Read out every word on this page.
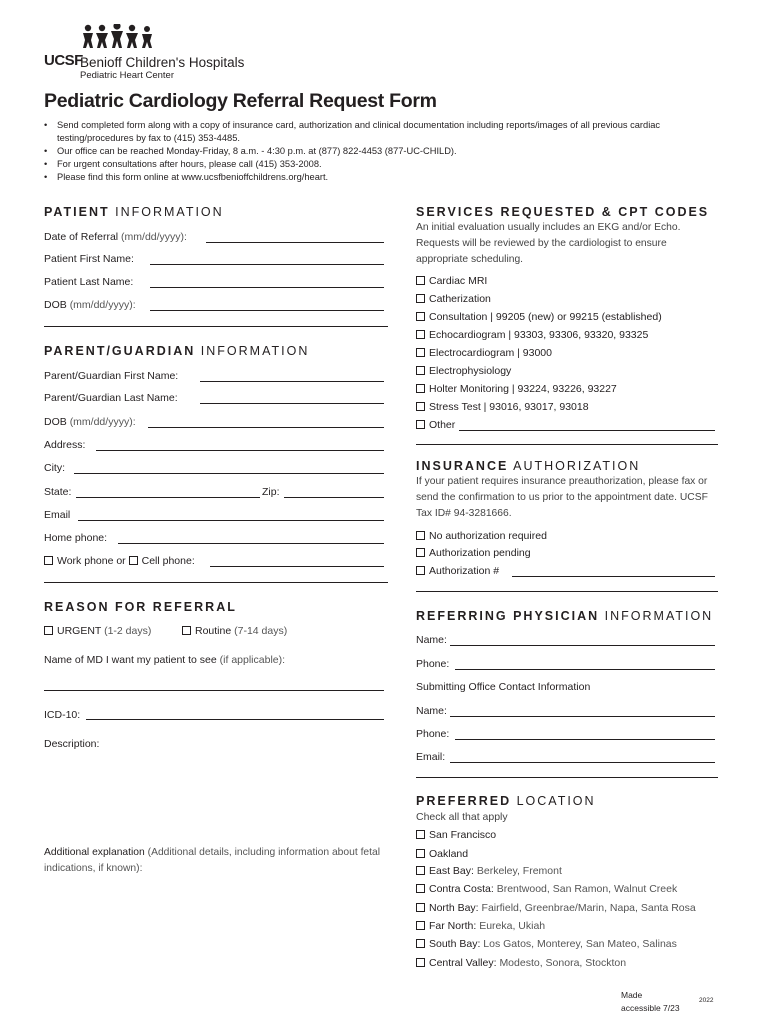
UCSF
Benioff Children's Hospitals
Pediatric Heart Center
Pediatric Cardiology Referral Request Form
• Send completed form along with a copy of insurance card, authorization and clinical documentation including reports/images of all previous cardiac testing/procedures by fax to (415) 353-4485.
• Our office can be reached Monday-Friday, 8 a.m. - 4:30 p.m. at (877) 822-4453 (877-UC-CHILD).
• For urgent consultations after hours, please call (415) 353-2008.
• Please find this form online at www.ucsfbenioffchildrens.org/heart.
PATIENT INFORMATION
Date of Referral (mm/dd/yyyy):
Patient First Name:
Patient Last Name:
DOB (mm/dd/yyyy):
PARENT/GUARDIAN INFORMATION
Parent/Guardian First Name:
Parent/Guardian Last Name:
DOB (mm/dd/yyyy):
Address:
City:
State:	Zip:
Email
Home phone:
Work phone or Cell phone:
REASON FOR REFERRAL
URGENT (1-2 days)	Routine (7-14 days)
Name of MD I want my patient to see (if applicable):
ICD-10:
Description:
Additional explanation (Additional details, including information about fetal indications, if known):
SERVICES REQUESTED & CPT CODES
An initial evaluation usually includes an EKG and/or Echo. Requests will be reviewed by the cardiologist to ensure appropriate scheduling.
Cardiac MRI
Catherization
Consultation | 99205 (new) or 99215 (established)
Echocardiogram | 93303, 93306, 93320, 93325
Electrocardiogram | 93000
Electrophysiology
Holter Monitoring | 93224, 93226, 93227
Stress Test | 93016, 93017, 93018
Other
INSURANCE AUTHORIZATION
If your patient requires insurance preauthorization, please fax or send the confirmation to us prior to the appointment date. UCSF Tax ID# 94-3281666.
No authorization required
Authorization pending
Authorization #
REFERRING PHYSICIAN INFORMATION
Name:
Phone:
Submitting Office Contact Information
Name:
Phone:
Email:
PREFERRED LOCATION
Check all that apply
San Francisco
Oakland
East Bay: Berkeley, Fremont
Contra Costa: Brentwood, San Ramon, Walnut Creek
North Bay: Fairfield, Greenbrae/Marin, Napa, Santa Rosa
Far North: Eureka, Ukiah
South Bay: Los Gatos, Monterey, San Mateo, Salinas
Central Valley: Modesto, Sonora, Stockton
Made
accessible 7/23
2022
